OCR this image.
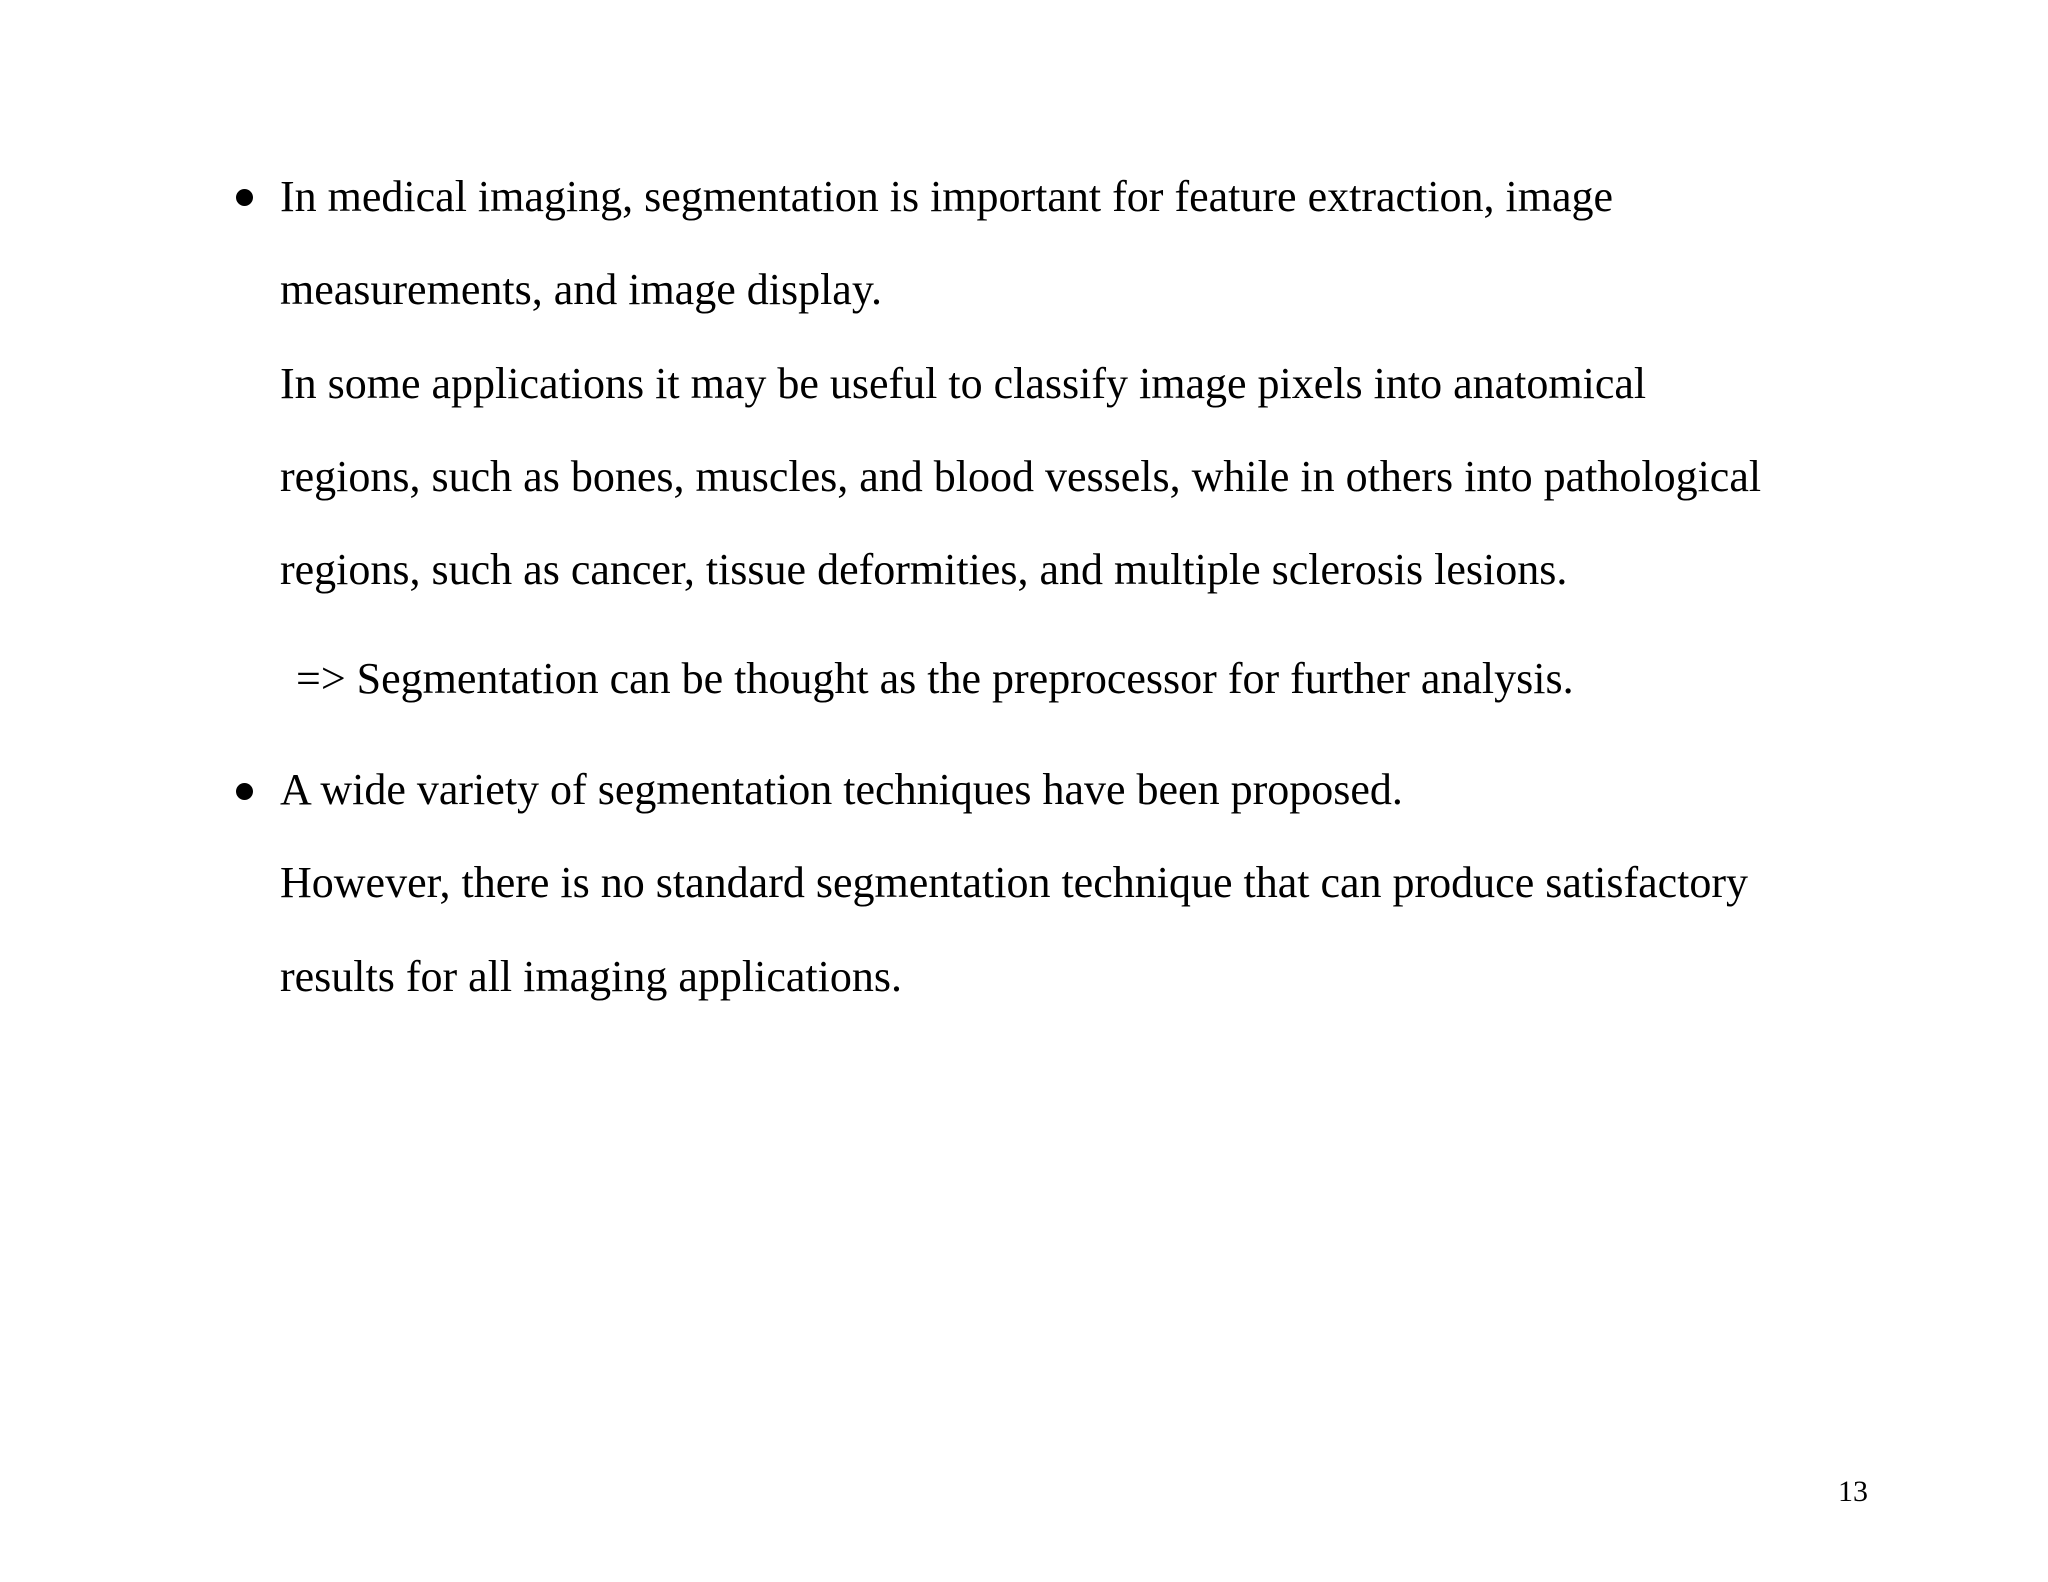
In medical imaging, segmentation is important for feature extraction, image
measurements, and image display.
In some applications it may be useful to classify image pixels into anatomical
regions, such as bones, muscles, and blood vessels, while in others into pathological
regions, such as cancer, tissue deformities, and multiple sclerosis lesions.
=> Segmentation can be thought as the preprocessor for further analysis.
A wide variety of segmentation techniques have been proposed.
However, there is no standard segmentation technique that can produce satisfactory
results for all imaging applications.
13
